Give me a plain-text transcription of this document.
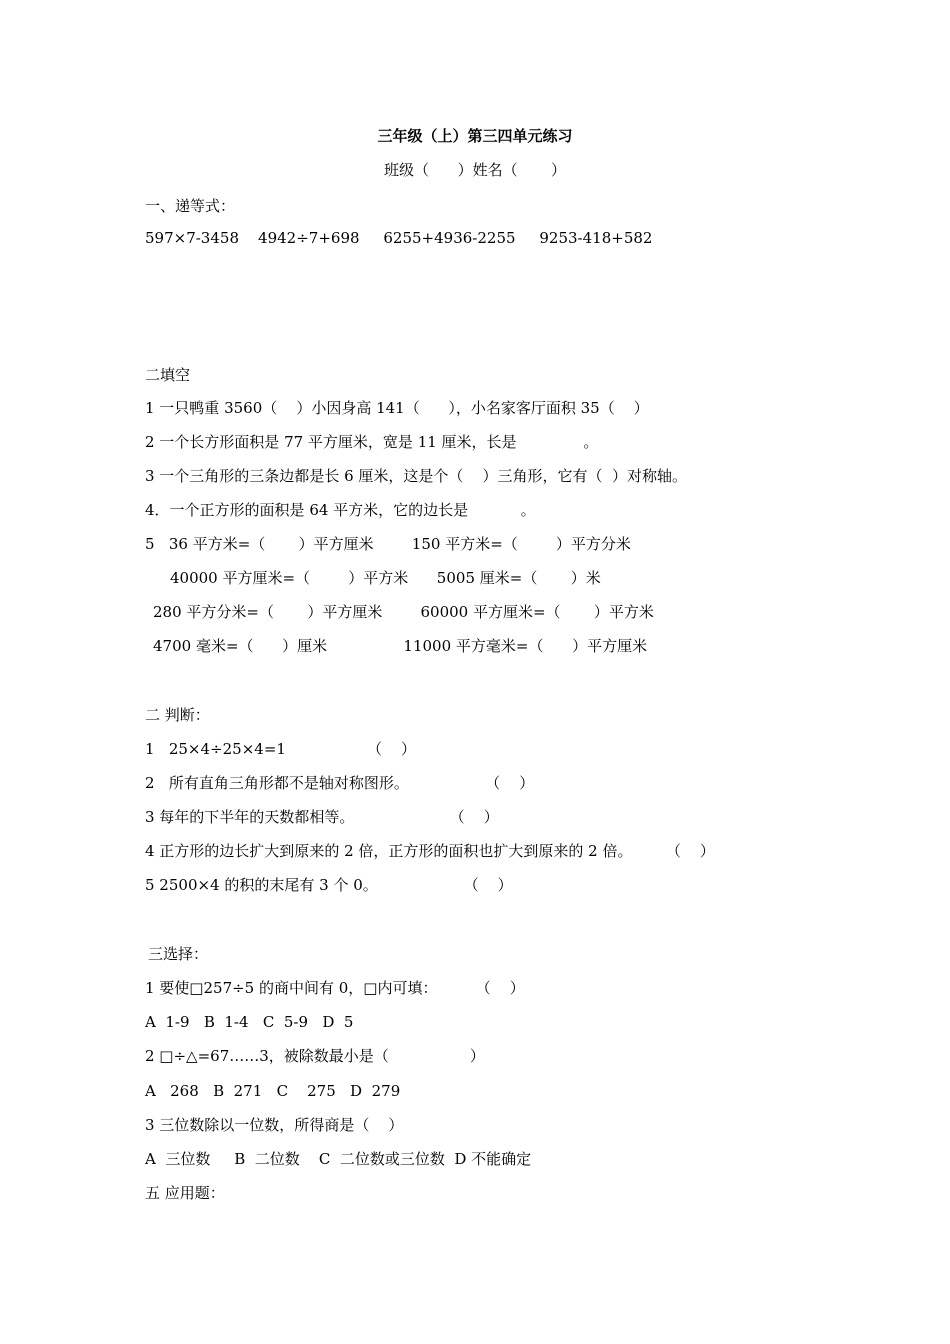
三年级（上）第三四单元练习
班级（      ）姓名（       ）
一、递等式：
597×7-3458    4942÷7+698     6255+4936-2255     9253-418+582
二填空
1 一只鸭重 3560（    ）小因身高 141（      ），小名家客厅面积 35（    ）
2 一个长方形面积是 77 平方厘米，宽是 11 厘米，长是              。
3 一个三角形的三条边都是长 6 厘米，这是个（    ）三角形，它有（  ）对称轴。
4．一个正方形的面积是 64 平方米，它的边长是           。
5   36 平方米=（       ）平方厘米        150 平方米=（        ）平方分米
40000 平方厘米=（        ）平方米      5005 厘米=（       ）米
280 平方分米=（       ）平方厘米        60000 平方厘米=（       ）平方米
4700 毫米=（      ）厘米                11000 平方毫米=（      ）平方厘米
二 判断：
1   25×4÷25×4=1                 （    ）
2   所有直角三角形都不是轴对称图形。                （    ）
3 每年的下半年的天数都相等。                    （    ）
4 正方形的边长扩大到原来的 2 倍，正方形的面积也扩大到原来的 2 倍。       （    ）
5 2500×4 的积的末尾有 3 个 0。                  （    ）
三选择：
1 要使□257÷5 的商中间有 0，□内可填：        （    ）
A  1-9   B  1-4   C  5-9   D  5
2 □÷△=67……3，被除数最小是（                 ）
A   268   B  271   C    275   D  279
3 三位数除以一位数，所得商是（    ）
A  三位数     B  二位数    C  二位数或三位数  D 不能确定
五 应用题：
